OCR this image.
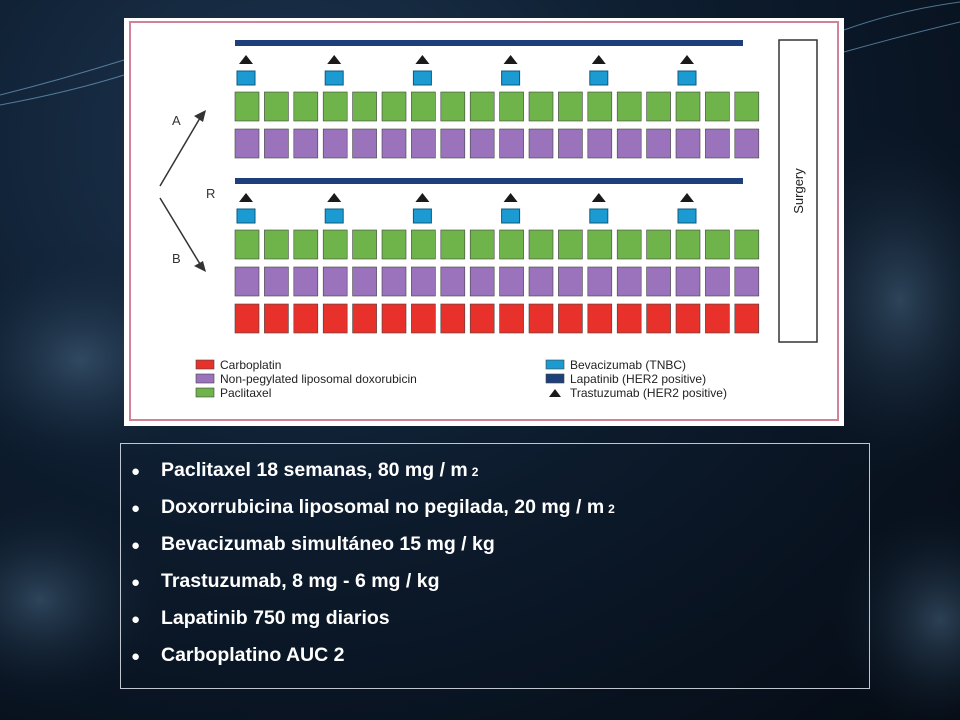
A
R
B
Surgery
Carboplatin
Non-pegylated liposomal doxorubicin
Paclitaxel
Bevacizumab (TNBC)
Lapatinib (HER2 positive)
Trastuzumab (HER2 positive)
●	Paclitaxel 18 semanas, 80 mg / m 2
●	Doxorrubicina liposomal no pegilada, 20 mg / m 2
●	Bevacizumab simultáneo 15 mg / kg
●	Trastuzumab, 8 mg - 6 mg / kg
●	Lapatinib 750 mg diarios
●	Carboplatino AUC 2
